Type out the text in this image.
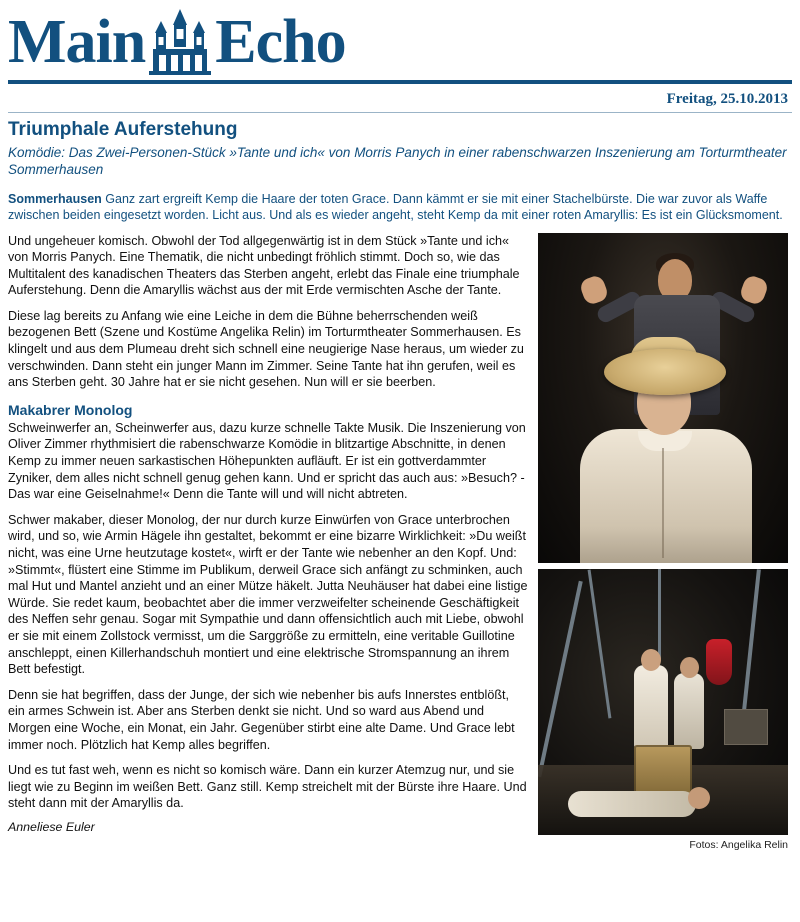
Main Echo
Freitag, 25.10.2013
Triumphale Auferstehung
Komödie: Das Zwei-Personen-Stück »Tante und ich« von Morris Panych in einer rabenschwarzen Inszenierung am Torturmtheater Sommerhausen

Sommerhausen Ganz zart ergreift Kemp die Haare der toten Grace. Dann kämmt er sie mit einer Stachelbürste. Die war zuvor als Waffe zwischen beiden eingesetzt worden. Licht aus. Und als es wieder angeht, steht Kemp da mit einer roten Amaryllis: Es ist ein Glücksmoment.

Und ungeheuer komisch. Obwohl der Tod allgegenwärtig ist in dem Stück »Tante und ich« von Morris Panych. Eine Thematik, die nicht unbedingt fröhlich stimmt. Doch so, wie das Multitalent des kanadischen Theaters das Sterben angeht, erlebt das Finale eine triumphale Auferstehung. Denn die Amaryllis wächst aus der mit Erde vermischten Asche der Tante.

Diese lag bereits zu Anfang wie eine Leiche in dem die Bühne beherrschenden weiß bezogenen Bett (Szene und Kostüme Angelika Relin) im Torturmtheater Sommerhausen. Es klingelt und aus dem Plumeau dreht sich schnell eine neugierige Nase heraus, um wieder zu verschwinden. Dann steht ein junger Mann im Zimmer. Seine Tante hat ihn gerufen, weil es ans Sterben geht. 30 Jahre hat er sie nicht gesehen. Nun will er sie beerben.

Makabrer Monolog

Schweinwerfer an, Scheinwerfer aus, dazu kurze schnelle Takte Musik. Die Inszenierung von Oliver Zimmer rhythmisiert die rabenschwarze Komödie in blitzartige Abschnitte, in denen Kemp zu immer neuen sarkastischen Höhepunkten aufläuft. Er ist ein gottverdammter Zyniker, dem alles nicht schnell genug gehen kann. Und er spricht das auch aus: »Besuch? - Das war eine Geiselnahme!« Denn die Tante will und will nicht abtreten.

Schwer makaber, dieser Monolog, der nur durch kurze Einwürfen von Grace unterbrochen wird, und so, wie Armin Hägele ihn gestaltet, bekommt er eine bizarre Wirklichkeit: »Du weißt nicht, was eine Urne heutzutage kostet«, wirft er der Tante wie nebenher an den Kopf. Und: »Stimmt«, flüstert eine Stimme im Publikum, derweil Grace sich anfängt zu schminken, auch mal Hut und Mantel anzieht und an einer Mütze häkelt. Jutta Neuhäuser hat dabei eine listige Würde. Sie redet kaum, beobachtet aber die immer verzweifelter scheinende Geschäftigkeit des Neffen sehr genau. Sogar mit Sympathie und dann offensichtlich auch mit Liebe, obwohl er sie mit einem Zollstock vermisst, um die Sarggröße zu ermitteln, eine veritable Guillotine anschleppt, einen Killerhandschuh montiert und eine elektrische Stromspannung an ihrem Bett befestigt.

Denn sie hat begriffen, dass der Junge, der sich wie nebenher bis aufs Innerstes entblößt, ein armes Schwein ist. Aber ans Sterben denkt sie nicht. Und so ward aus Abend und Morgen eine Woche, ein Monat, ein Jahr. Gegenüber stirbt eine alte Dame. Und Grace lebt immer noch. Plötzlich hat Kemp alles begriffen.

Und es tut fast weh, wenn es nicht so komisch wäre. Dann ein kurzer Atemzug nur, und sie liegt wie zu Beginn im weißen Bett. Ganz still. Kemp streichelt mit der Bürste ihre Haare. Und steht dann mit der Amaryllis da.

Anneliese Euler
Fotos: Angelika Relin
